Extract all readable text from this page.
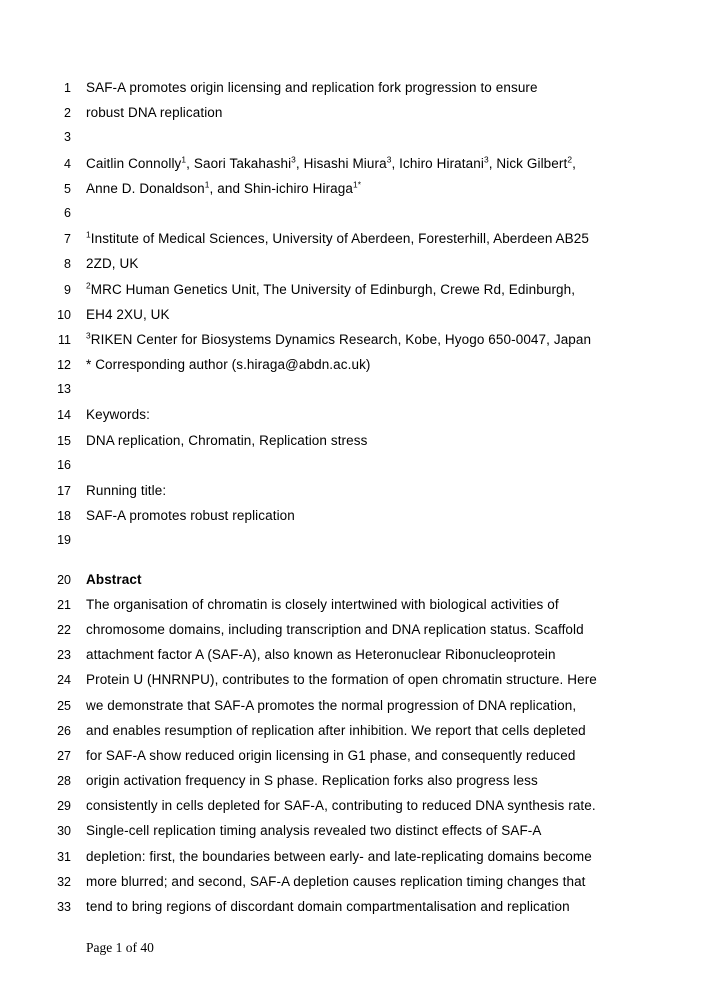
1	SAF-A promotes origin licensing and replication fork progression to ensure
2	robust DNA replication
3
4	Caitlin Connolly$^1$, Saori Takahashi$^3$, Hisashi Miura$^3$, Ichiro Hiratani$^3$, Nick Gilbert$^2$,
5	Anne D. Donaldson$^1$, and Shin-ichiro Hiraga$^{1*}$
6
7	$^1$Institute of Medical Sciences, University of Aberdeen, Foresterhill, Aberdeen AB25
8	2ZD, UK
9	$^2$MRC Human Genetics Unit, The University of Edinburgh, Crewe Rd, Edinburgh,
10	EH4 2XU, UK
11	$^3$RIKEN Center for Biosystems Dynamics Research, Kobe, Hyogo 650-0047, Japan
12	* Corresponding author (s.hiraga@abdn.ac.uk)
13
14	Keywords:
15	DNA replication, Chromatin, Replication stress
16
17	Running title:
18	SAF-A promotes robust replication
19
20	Abstract
21	The organisation of chromatin is closely intertwined with biological activities of
22	chromosome domains, including transcription and DNA replication status. Scaffold
23	attachment factor A (SAF-A), also known as Heteronuclear Ribonucleoprotein
24	Protein U (HNRNPU), contributes to the formation of open chromatin structure. Here
25	we demonstrate that SAF-A promotes the normal progression of DNA replication,
26	and enables resumption of replication after inhibition. We report that cells depleted
27	for SAF-A show reduced origin licensing in G1 phase, and consequently reduced
28	origin activation frequency in S phase. Replication forks also progress less
29	consistently in cells depleted for SAF-A, contributing to reduced DNA synthesis rate.
30	Single-cell replication timing analysis revealed two distinct effects of SAF-A
31	depletion: first, the boundaries between early- and late-replicating domains become
32	more blurred; and second, SAF-A depletion causes replication timing changes that
33	tend to bring regions of discordant domain compartmentalisation and replication
Page 1 of 40
